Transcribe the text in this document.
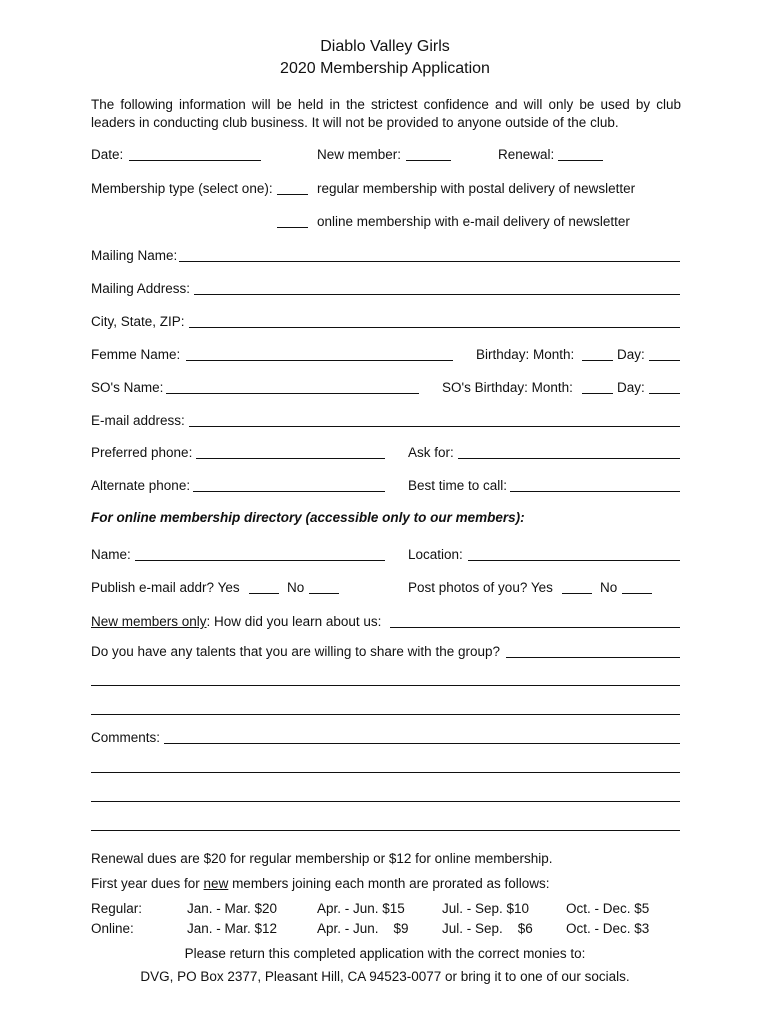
Diablo Valley Girls
2020 Membership Application
The following information will be held in the strictest confidence and will only be used by club leaders in conducting club business. It will not be provided to anyone outside of the club.
Date:	New member:	Renewal:
Membership type (select one):	regular membership with postal delivery of newsletter
online membership with e-mail delivery of newsletter
Mailing Name:
Mailing Address:
City, State, ZIP:
Femme Name:	Birthday: Month:	Day:
SO's Name:	SO's Birthday: Month:	Day:
E-mail address:
Preferred phone:	Ask for:
Alternate phone:	Best time to call:
For online membership directory (accessible only to our members):
Name:	Location:
Publish e-mail addr? Yes	No	Post photos of you? Yes	No
New members only: How did you learn about us:
Do you have any talents that you are willing to share with the group?
Comments:
Renewal dues are $20 for regular membership or $12 for online membership.
First year dues for new members joining each month are prorated as follows:
Regular:	Jan. - Mar. $20	Apr. - Jun. $15	Jul. - Sep. $10	Oct. - Dec. $5
Online:	Jan. - Mar. $12	Apr. - Jun.    $9 Jul. - Sep.    $6 Oct. - Dec. $3
Please return this completed application with the correct monies to:
DVG, PO Box 2377, Pleasant Hill, CA 94523-0077 or bring it to one of our socials.
